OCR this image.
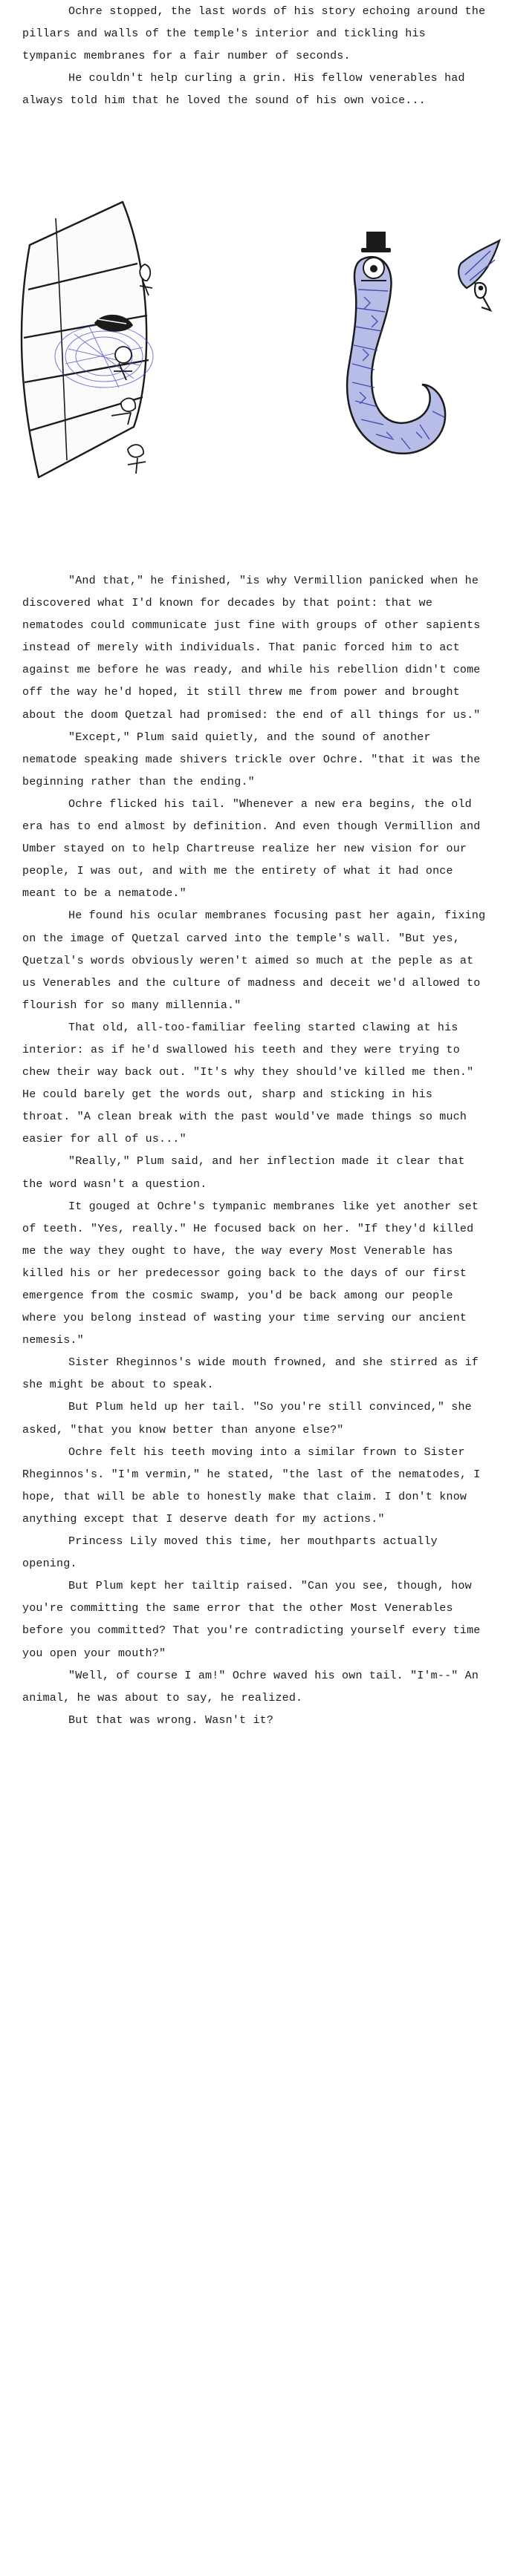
Ochre stopped, the last words of his story echoing around the pillars and walls of the temple's interior and tickling his tympanic membranes for a fair number of seconds.

He couldn't help curling a grin. His fellow venerables had always told him that he loved the sound of his own voice...

"And that," he finished, "is why Vermillion panicked when he discovered what I'd known for decades by that point: that we nematodes could communicate just fine with groups of other sapients instead of merely with individuals. That panic forced him to act against me before he was ready, and while his rebellion didn't come off the way he'd hoped, it still threw me from power and brought about the doom Quetzal had promised: the end of all things for us."

"Except," Plum said quietly, and the sound of another nematode speaking made shivers trickle over Ochre. "that it was the beginning rather than the ending."

Ochre flicked his tail. "Whenever a new era begins, the old era has to end almost by definition. And even though Vermillion and Umber stayed on to help Chartreuse realize her new vision for our people, I was out, and with me the entirety of what it had once meant to be a nematode."

He found his ocular membranes focusing past her again, fixing on the image of Quetzal carved into the temple's wall. "But yes, Quetzal's words obviously weren't aimed so much at the peple as at us Venerables and the culture of madness and deceit we'd allowed to flourish for so many millennia."

That old, all-too-familiar feeling started clawing at his interior: as if he'd swallowed his teeth and they were trying to chew their way back out. "It's why they should've killed me then." He could barely get the words out, sharp and sticking in his throat. "A clean break with the past would've made things so much easier for all of us..."

"Really," Plum said, and her inflection made it clear that the word wasn't a question.

It gouged at Ochre's tympanic membranes like yet another set of teeth. "Yes, really." He focused back on her. "If they'd killed me the way they ought to have, the way every Most Venerable has killed his or her predecessor going back to the days of our first emergence from the cosmic swamp, you'd be back among our people where you belong instead of wasting your time serving our ancient nemesis."

Sister Rheginnos's wide mouth frowned, and she stirred as if she might be about to speak.

But Plum held up her tail. "So you're still convinced," she asked, "that you know better than anyone else?"

Ochre felt his teeth moving into a similar frown to Sister Rheginnos's. "I'm vermin," he stated, "the last of the nematodes, I hope, that will be able to honestly make that claim. I don't know anything except that I deserve death for my actions."

Princess Lily moved this time, her mouthparts actually opening.

But Plum kept her tailtip raised. "Can you see, though, how you're committing the same error that the other Most Venerables before you committed? That you're contradicting yourself every time you open your mouth?"

"Well, of course I am!" Ochre waved his own tail. "I'm--" An animal, he was about to say, he realized.

But that was wrong. Wasn't it?
